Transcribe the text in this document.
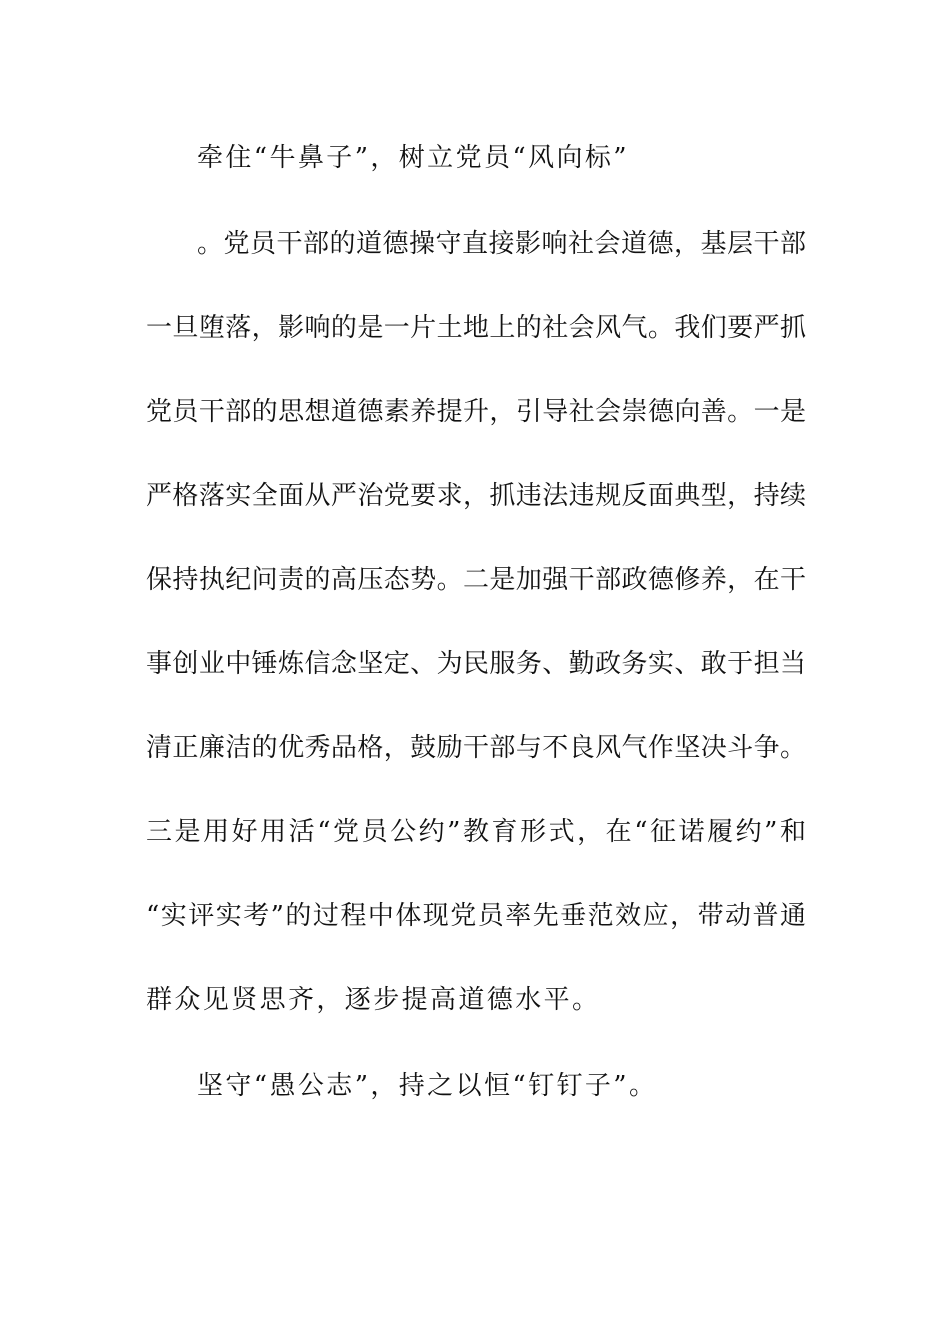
牵住“牛鼻子”，树立党员“风向标”
。党员干部的道德操守直接影响社会道德，基层干部
一旦堕落，影响的是一片土地上的社会风气。我们要严抓
党员干部的思想道德素养提升，引导社会崇德向善。一是
严格落实全面从严治党要求，抓违法违规反面典型，持续
保持执纪问责的高压态势。二是加强干部政德修养，在干
事创业中锤炼信念坚定、为民服务、勤政务实、敢于担当
清正廉洁的优秀品格，鼓励干部与不良风气作坚决斗争。
三是用好用活“党员公约”教育形式，在“征诺履约”和
“实评实考”的过程中体现党员率先垂范效应，带动普通
群众见贤思齐，逐步提高道德水平。
坚守“愚公志”，持之以恒“钉钉子”。
